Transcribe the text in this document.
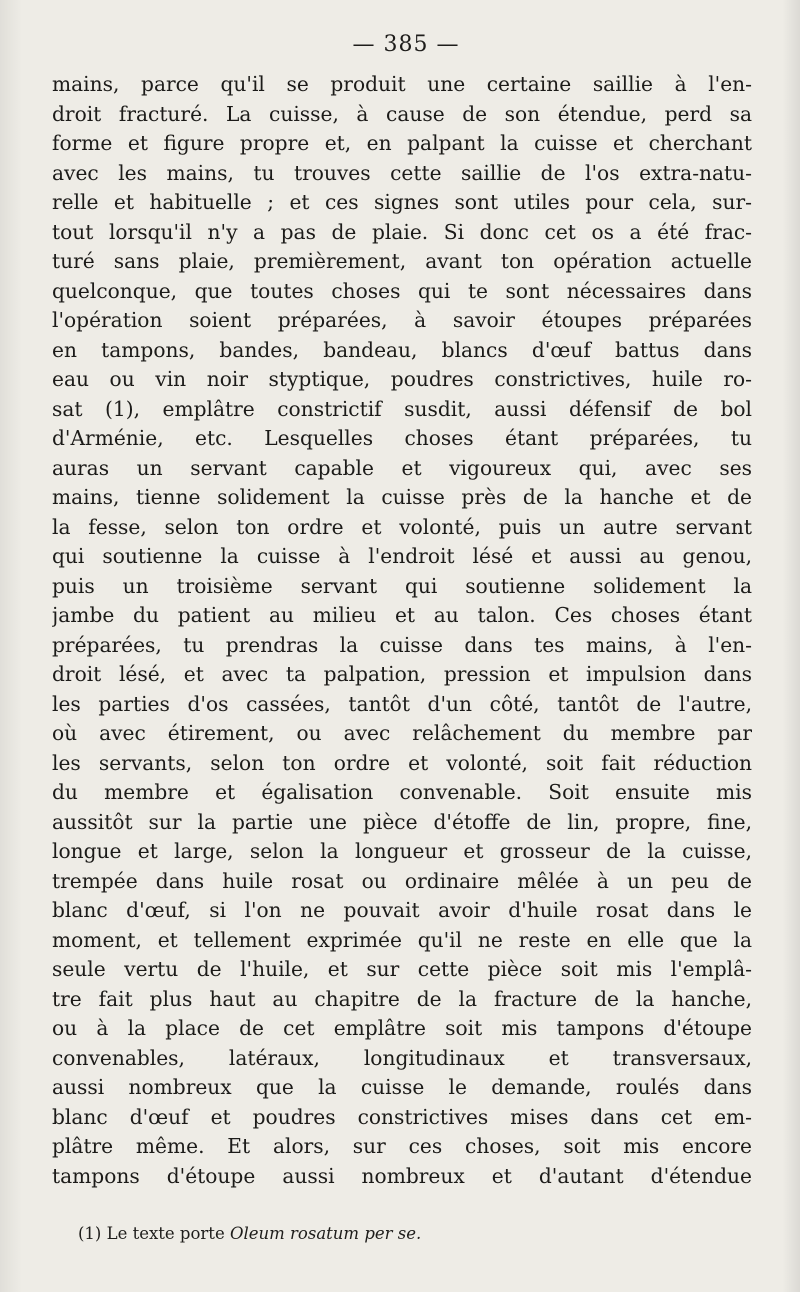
— 385 —
mains, parce qu'il se produit une certaine saillie à l'en-
droit fracturé. La cuisse, à cause de son étendue, perd sa
forme et figure propre et, en palpant la cuisse et cherchant
avec les mains, tu trouves cette saillie de l'os extra-natu-
relle et habituelle ; et ces signes sont utiles pour cela, sur-
tout lorsqu'il n'y a pas de plaie. Si donc cet os a été frac-
turé sans plaie, premièrement, avant ton opération actuelle
quelconque, que toutes choses qui te sont nécessaires dans
l'opération soient préparées, à savoir étoupes préparées
en tampons, bandes, bandeau, blancs d'œuf battus dans
eau ou vin noir styptique, poudres constrictives, huile ro-
sat (1), emplâtre constrictif susdit, aussi défensif de bol
d'Arménie, etc. Lesquelles choses étant préparées, tu
auras un servant capable et vigoureux qui, avec ses
mains, tienne solidement la cuisse près de la hanche et de
la fesse, selon ton ordre et volonté, puis un autre servant
qui soutienne la cuisse à l'endroit lésé et aussi au genou,
puis un troisième servant qui soutienne solidement la
jambe du patient au milieu et au talon. Ces choses étant
préparées, tu prendras la cuisse dans tes mains, à l'en-
droit lésé, et avec ta palpation, pression et impulsion dans
les parties d'os cassées, tantôt d'un côté, tantôt de l'autre,
où avec étirement, ou avec relâchement du membre par
les servants, selon ton ordre et volonté, soit fait réduction
du membre et égalisation convenable. Soit ensuite mis
aussitôt sur la partie une pièce d'étoffe de lin, propre, fine,
longue et large, selon la longueur et grosseur de la cuisse,
trempée dans huile rosat ou ordinaire mêlée à un peu de
blanc d'œuf, si l'on ne pouvait avoir d'huile rosat dans le
moment, et tellement exprimée qu'il ne reste en elle que la
seule vertu de l'huile, et sur cette pièce soit mis l'emplâ-
tre fait plus haut au chapitre de la fracture de la hanche,
ou à la place de cet emplâtre soit mis tampons d'étoupe
convenables, latéraux, longitudinaux et transversaux,
aussi nombreux que la cuisse le demande, roulés dans
blanc d'œuf et poudres constrictives mises dans cet em-
plâtre même. Et alors, sur ces choses, soit mis encore
tampons d'étoupe aussi nombreux et d'autant d'étendue
(1) Le texte porte Oleum rosatum per se.
